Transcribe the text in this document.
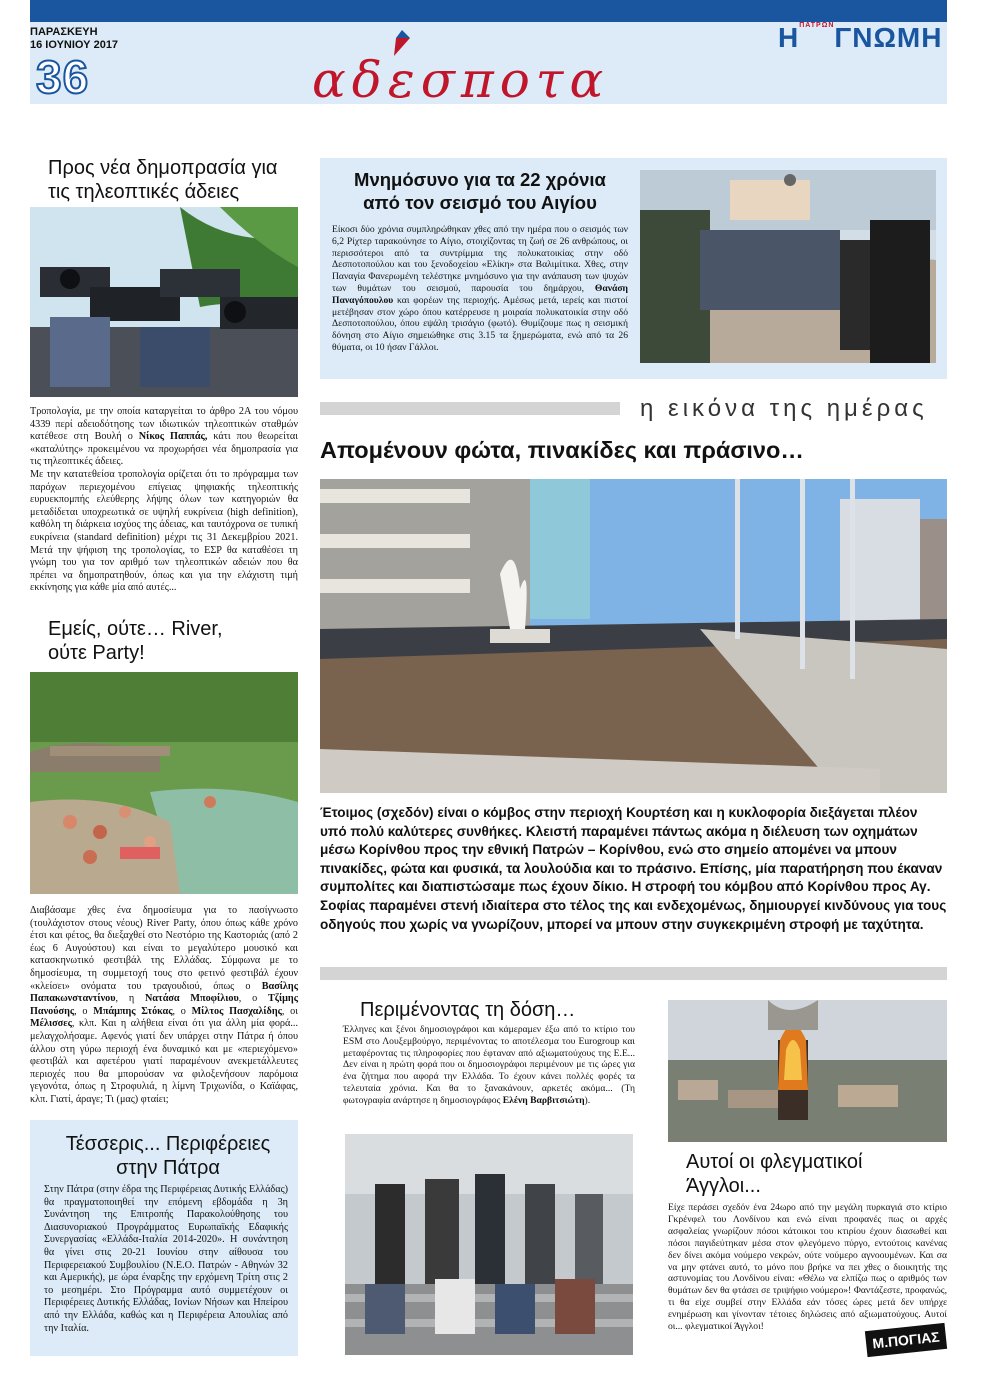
ΠΑΡΑΣΚΕΥΗ
16 ΙΟΥΝΙΟΥ 2017
36	αδεσποτα
$H^{\Pi ATP\Omega N}\Gamma N\Omega MH$
Προς νέα δημοπρασία για
τις τηλεοπτικές άδειες

Τροπολογία, με την οποία καταργείται το άρθρο 2Α του νόμου 4339 περί αδειοδότησης των ιδιωτικών τηλεοπτικών σταθμών κατέθεσε στη Βουλή ο Νίκος Παππάς, κάτι που θεωρείται «καταλύτης» προκειμένου να προχωρήσει νέα δημοπρασία για τις τηλεοπτικές άδειες.

Με την κατατεθείσα τροπολογία ορίζεται ότι το πρόγραμμα των παρόχων περιεχομένου επίγειας ψηφιακής τηλεοπτικής ευρυεκπομπής ελεύθερης λήψης όλων των κατηγοριών θα μεταδίδεται υποχρεωτικά σε υψηλή ευκρίνεια (high definition), καθόλη τη διάρκεια ισχύος της άδειας, και ταυτόχρονα σε τυπική ευκρίνεια (standard definition) μέχρι τις 31 Δεκεμβρίου 2021. Μετά την ψήφιση της τροπολογίας, το ΕΣΡ θα καταθέσει τη γνώμη του για τον αριθμό των τηλεοπτικών αδειών που θα πρέπει να δημοπρατηθούν, όπως και για την ελάχιστη τιμή εκκίνησης για κάθε μία από αυτές...

Εμείς, ούτε… River,
ούτε Party!

Διαβάσαμε χθες ένα δημοσίευμα για το πασίγνωστο (τουλάχιστον στους νέους) River Party, όπου όπως κάθε χρόνο έτσι και φέτος, θα διεξαχθεί στο Νεστόριο της Καστοριάς (από 2 έως 6 Αυγούστου) και είναι το μεγαλύτερο μουσικό και κατασκηνωτικό φεστιβάλ της Ελλάδας. Σύμφωνα με το δημοσίευμα, τη συμμετοχή τους στο φετινό φεστιβάλ έχουν «κλείσει» ονόματα του τραγουδιού, όπως ο Βασίλης Παπακωνσταντίνου, η Νατάσα Μποφίλιου, ο Τζίμης Πανούσης, ο Μπάμπης Στόκας, ο Μίλτος Πασχαλίδης, οι Μέλισσες, κλπ. Και η αλήθεια είναι ότι για άλλη μία φορά... μελαγχολήσαμε. Αφενός γιατί δεν υπάρχει στην Πάτρα ή όπου άλλου στη γύρω περιοχή ένα δυναμικό και με «περιεχόμενο» φεστιβάλ και αφετέρου γιατί παραμένουν ανεκμετάλλευτες περιοχές που θα μπορούσαν να φιλοξενήσουν παρόμοια γεγονότα, όπως η Στροφυλιά, η λίμνη Τριχωνίδα, ο Καϊάφας, κλπ. Γιατί, άραγε; Τι (μας) φταίει;

Τέσσερις... Περιφέρειες
στην Πάτρα
Στην Πάτρα (στην έδρα της Περιφέρειας Δυτικής Ελλάδας) θα πραγματοποιηθεί την επόμενη εβδομάδα η 3η Συνάντηση της Επιτροπής Παρακολούθησης του Διασυνοριακού Προγράμματος Ευρωπαϊκής Εδαφικής Συνεργασίας «Ελλάδα-Ιταλία 2014-2020». Η συνάντηση θα γίνει στις 20-21 Ιουνίου στην αίθουσα του Περιφερειακού Συμβουλίου (Ν.Ε.Ο. Πατρών - Αθηνών 32 και Αμερικής), με ώρα έναρξης την ερχόμενη Τρίτη στις 2 το μεσημέρι. Στο Πρόγραμμα αυτό συμμετέχουν οι Περιφέρειες Δυτικής Ελλάδας, Ιονίων Νήσων και Ηπείρου από την Ελλάδα, καθώς και η Περιφέρεια Απουλίας από την Ιταλία.
Μνημόσυνο για τα 22 χρόνια
από τον σεισμό του Αιγίου
Είκοσι δύο χρόνια συμπληρώθηκαν χθες από την ημέρα που ο σεισμός των 6,2 Ρίχτερ ταρακούνησε το Αίγιο, στοιχίζοντας τη ζωή σε 26 ανθρώπους, οι περισσότεροι από τα συντρίμμια της πολυκατοικίας στην οδό Δεσποτοπούλου και του ξενοδοχείου «Ελίκη» στα Βαλιμίτικα. Χθες, στην Παναγία Φανερωμένη τελέστηκε μνημόσυνο για την ανάπαυση των ψυχών των θυμάτων του σεισμού, παρουσία του δημάρχου, Θανάση Παναγόπουλου και φορέων της περιοχής. Αμέσως μετά, ιερείς και πιστοί μετέβησαν στον χώρο όπου κατέρρευσε η μοιραία πολυκατοικία στην οδό Δεσποτοπούλου, όπου εψάλη τρισάγιο (φωτό). Θυμίζουμε πως η σεισμική δόνηση στο Αίγιο σημειώθηκε στις 3.15 τα ξημερώματα, ενώ από τα 26 θύματα, οι 10 ήσαν Γάλλοι.
η εικόνα της ημέρας
Απομένουν φώτα, πινακίδες και πράσινο…
Έτοιμος (σχεδόν) είναι ο κόμβος στην περιοχή Κουρτέση και η κυκλοφορία διεξάγεται πλέον υπό πολύ καλύτερες συνθήκες. Κλειστή παραμένει πάντως ακόμα η διέλευση των οχημάτων μέσω Κορίνθου προς την εθνική Πατρών – Κορίνθου, ενώ στο σημείο απομένει να μπουν πινακίδες, φώτα και φυσικά, τα λουλούδια και το πράσινο. Επίσης, μία παρατήρηση που έκαναν συμπολίτες και διαπιστώσαμε πως έχουν δίκιο. Η στροφή του κόμβου από Κορίνθου προς Αγ. Σοφίας παραμένει στενή ιδιαίτερα στο τέλος της και ενδεχομένως, δημιουργεί κινδύνους για τους οδηγούς που χωρίς να γνωρίζουν, μπορεί να μπουν στην συγκεκριμένη στροφή με ταχύτητα.
Περιμένοντας τη δόση…
Έλληνες και ξένοι δημοσιογράφοι και κάμεραμεν έξω από το κτίριο του ESM στο Λουξεμβούργο, περιμένοντας το αποτέλεσμα του Eurogroup και μεταφέροντας τις πληροφορίες που έφταναν από αξιωματούχους της Ε.Ε... Δεν είναι η πρώτη φορά που οι δημοσιογράφοι περιμένουν με τις ώρες για ένα ζήτημα που αφορά την Ελλάδα. Το έχουν κάνει πολλές φορές τα τελευταία χρόνια. Και θα το ξανακάνουν, αρκετές ακόμα... (Τη φωτογραφία ανάρτησε η δημοσιογράφος Ελένη Βαρβιτσιώτη).
Αυτοί οι φλεγματικοί
Άγγλοι...
Είχε περάσει σχεδόν ένα 24ωρο από την μεγάλη πυρκαγιά στο κτίριο Γκρένφελ του Λονδίνου και ενώ είναι προφανές πως οι αρχές ασφαλείας γνωρίζουν πόσοι κάτοικοι του κτιρίου έχουν διασωθεί και πόσοι παγιδεύτηκαν μέσα στον φλεγόμενο πύργο, εντούτοις κανένας δεν δίνει ακόμα νούμερο νεκρών, ούτε νούμερο αγνοουμένων. Και σα να μην φτάνει αυτό, το μόνο που βρήκε να πει χθες ο διοικητής της αστυνομίας του Λονδίνου είναι: «Θέλω να ελπίζω πως ο αριθμός των θυμάτων δεν θα φτάσει σε τριψήφιο νούμερο»! Φαντάζεστε, προφανώς, τι θα είχε συμβεί στην Ελλάδα εάν τόσες ώρες μετά δεν υπήρχε ενημέρωση και γίνονταν τέτοιες δηλώσεις από αξιωματούχους. Αυτοί οι... φλεγματικοί Άγγλοι!
Μ.ΠΟΓΙΑΣ
